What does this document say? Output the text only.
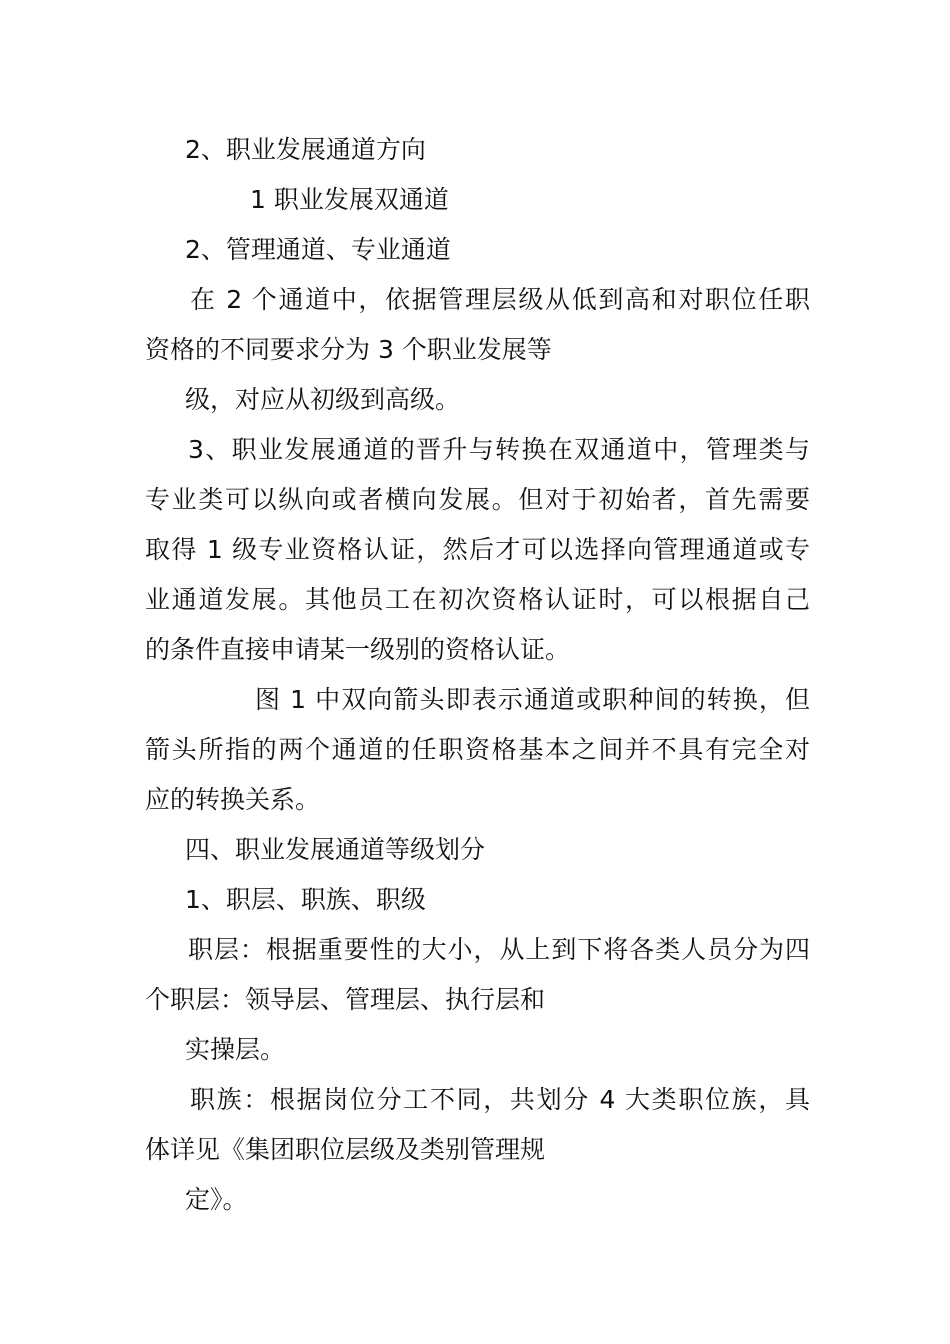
2、职业发展通道方向
1 职业发展双通道
2、管理通道、专业通道
在 2 个通道中，依据管理层级从低到高和对职位任职
资格的不同要求分为 3 个职业发展等
级，对应从初级到高级。
3、职业发展通道的晋升与转换在双通道中，管理类与
专业类可以纵向或者横向发展。但对于初始者，首先需要
取得 1 级专业资格认证，然后才可以选择向管理通道或专
业通道发展。其他员工在初次资格认证时，可以根据自己
的条件直接申请某一级别的资格认证。
图 1 中双向箭头即表示通道或职种间的转换，但
箭头所指的两个通道的任职资格基本之间并不具有完全对
应的转换关系。
四、职业发展通道等级划分
1、职层、职族、职级
职层：根据重要性的大小，从上到下将各类人员分为四
个职层：领导层、管理层、执行层和
实操层。
职族：根据岗位分工不同，共划分 4 大类职位族，具
体详见《集团职位层级及类别管理规
定》。
